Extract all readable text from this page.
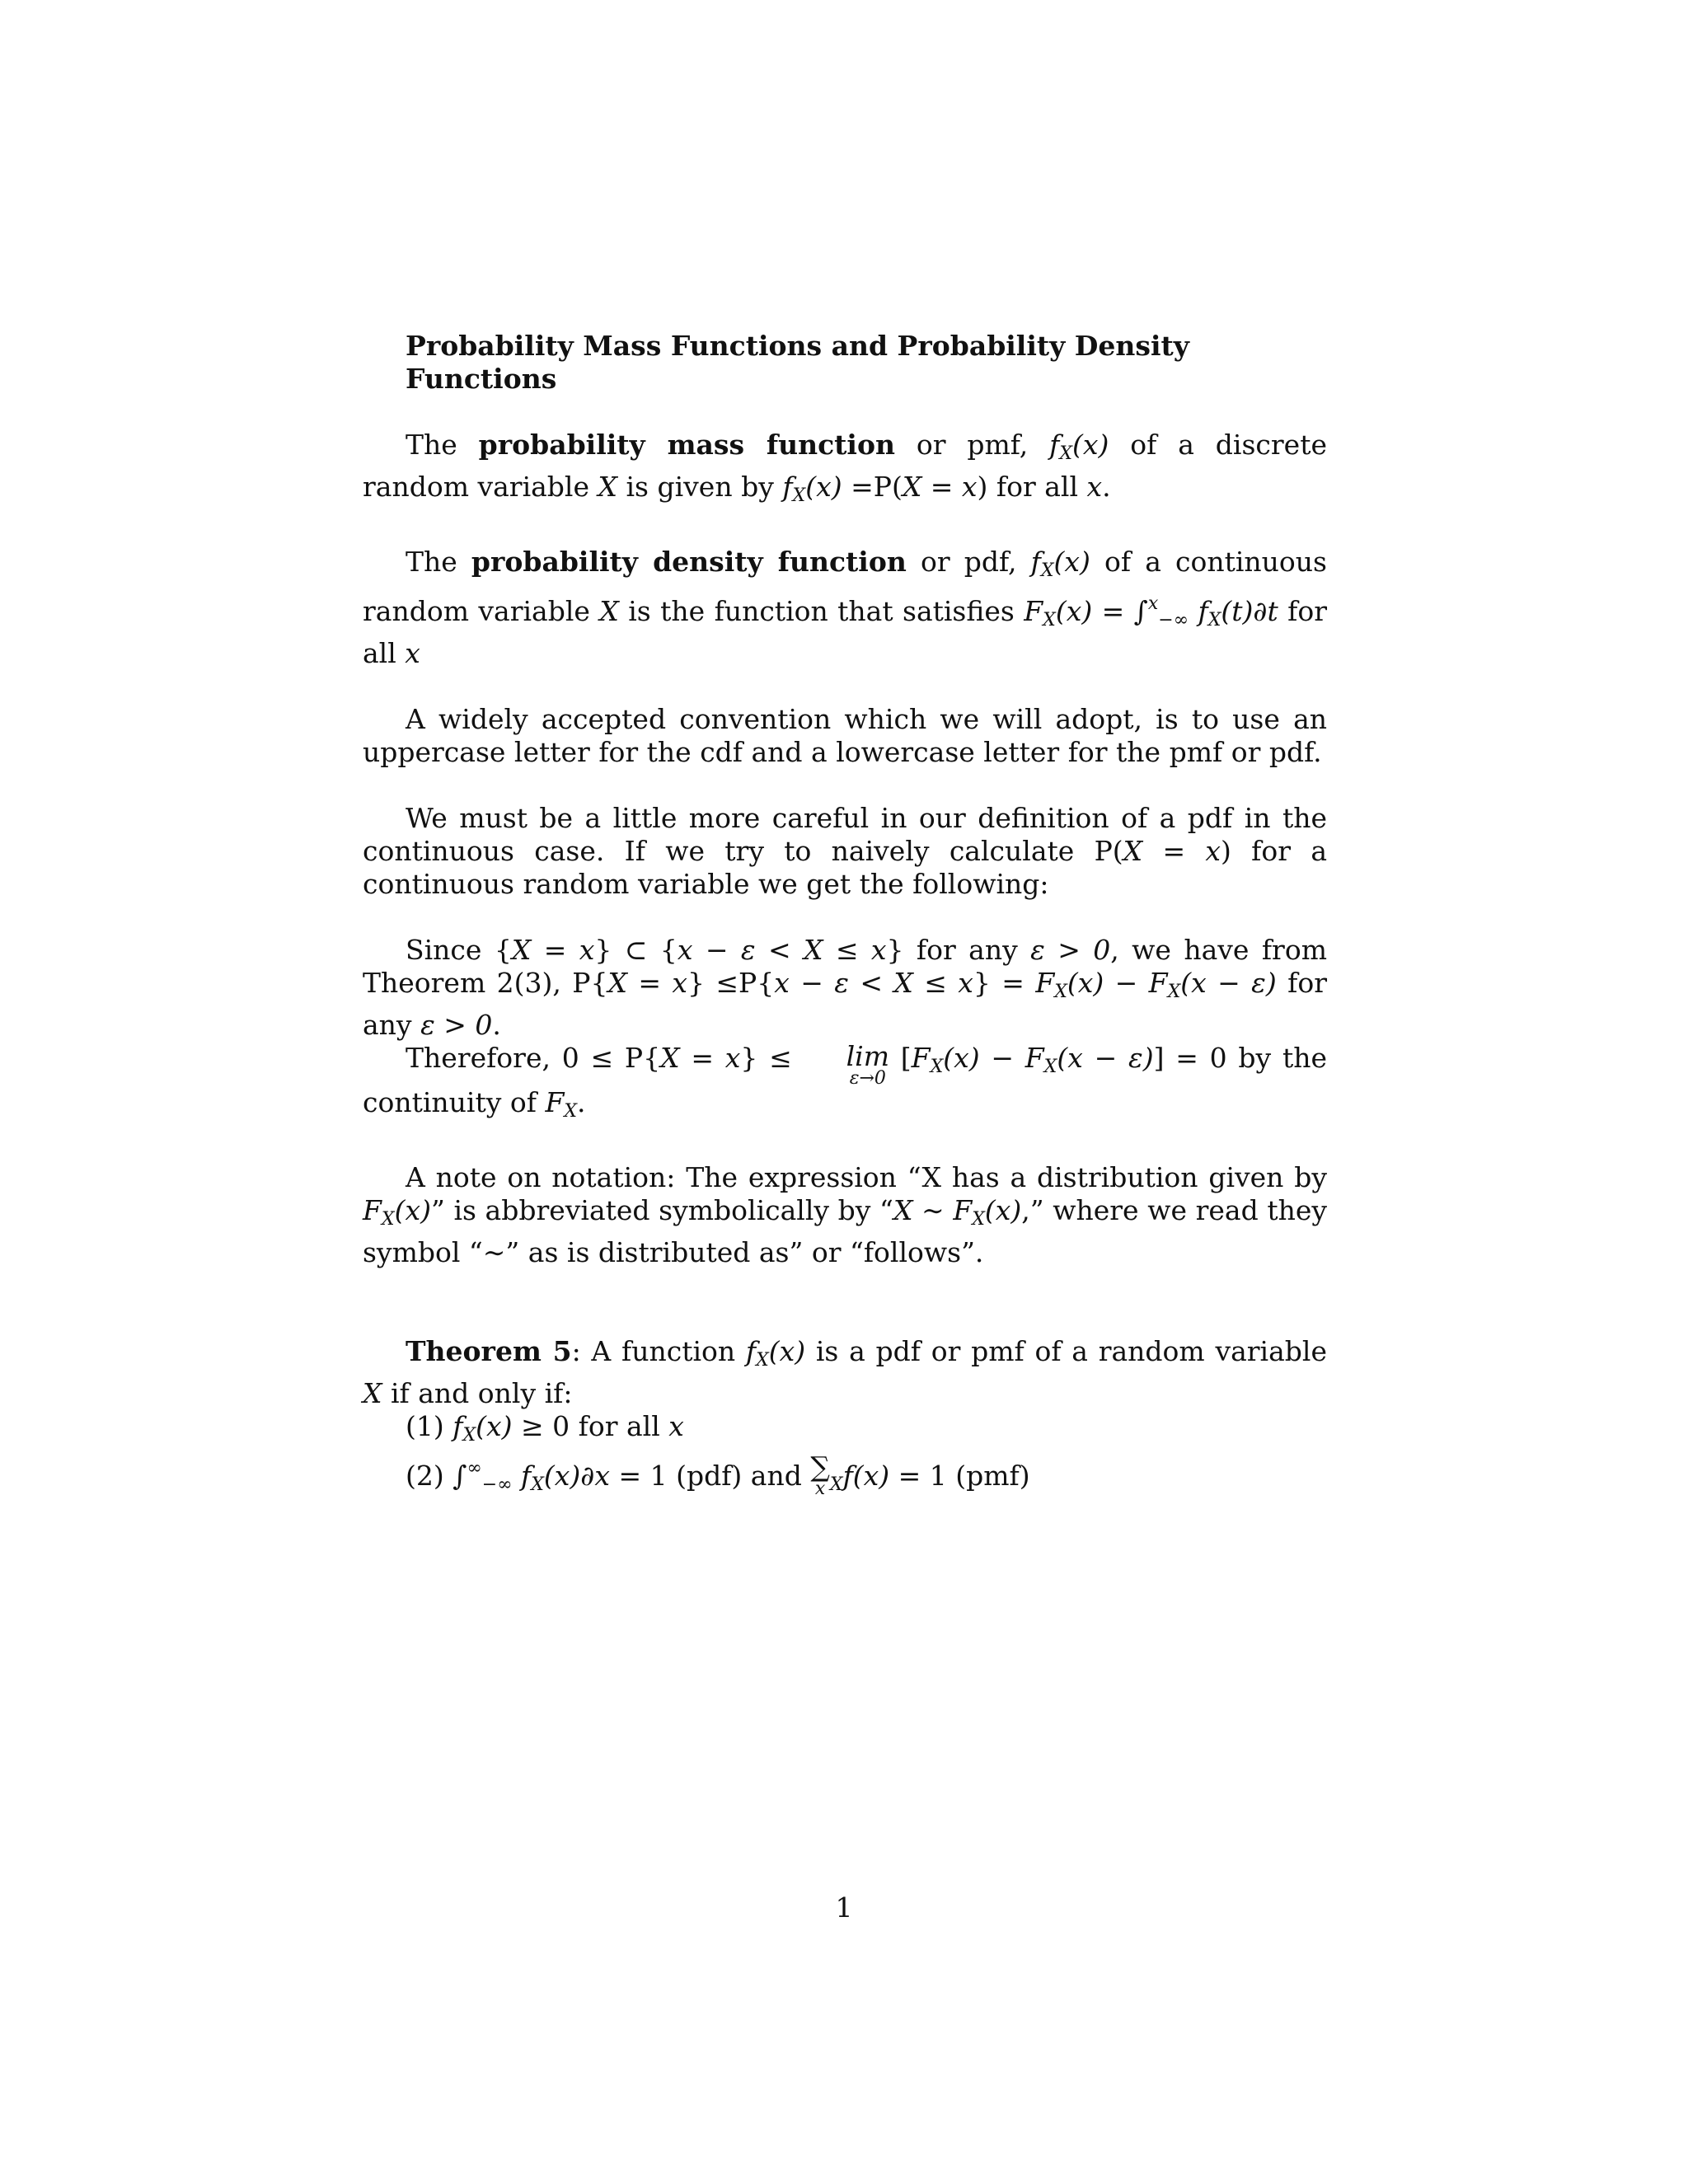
Probability Mass Functions and Probability Density Functions

The probability mass function or pmf, $f_X(x)$ of a discrete random variable X is given by $f_X(x) =P(X = x)$ for all x.

The probability density function or pdf, $f_X(x)$ of a continuous random variable X is the function that satisfies $F_X(x) = \int^x_{-\infty}$ $f_X(t)\partial t$ for all x

A widely accepted convention which we will adopt, is to use an uppercase letter for the cdf and a lowercase letter for the pmf or pdf.

We must be a little more careful in our definition of a pdf in the continuous case. If we try to naively calculate P(X = x) for a continuous random variable we get the following:

Since {X = x} ⊂ {x − ε < X ≤ x} for any ε > 0, we have from Theorem 2(3), $P\{X = x\} \le P\{x - \varepsilon < X \le x\} = F_X(x) - F_X(x - \varepsilon)$ for any ε > 0.

Therefore, 0 ≤ P{X = x} ≤ lim
ε→0
$[F_X(x) - F_X(x - \varepsilon)] = 0$ by the continuity of $F_X$.

A note on notation: The expression “X has a distribution given by $F_X(x)$” is abbreviated symbolically by “X ∼ $F_X(x)$,” where we read they symbol “∼” as is distributed as” or “follows”.

Theorem 5: A function $f_X(x)$ is a pdf or pmf of a random variable X if and only if:

(1) $f_X(x) \ge 0$ for all x
(2) $\int^\infty_{-\infty}$ $f_X(x)\partial x = 1$ (pdf) and ∑
x $_X$f(x) = 1 (pmf)
1
